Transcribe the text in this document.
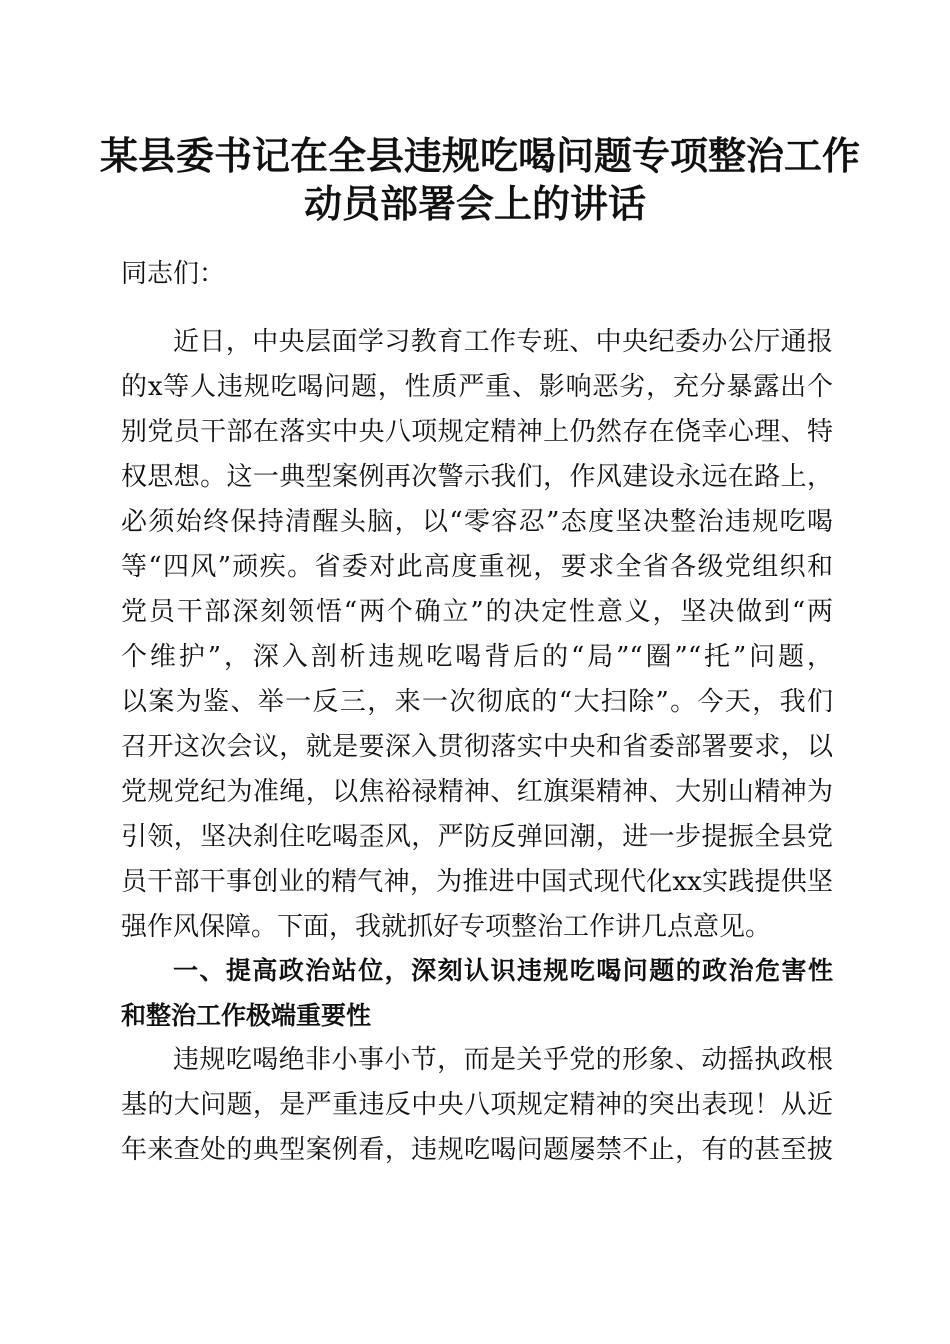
某县委书记在全县违规吃喝问题专项整治工作
动员部署会上的讲话
同志们：
近日，中央层面学习教育工作专班、中央纪委办公厅通报
的x等人违规吃喝问题，性质严重、影响恶劣，充分暴露出个
别党员干部在落实中央八项规定精神上仍然存在侥幸心理、特
权思想。这一典型案例再次警示我们，作风建设永远在路上，
必须始终保持清醒头脑，以“零容忍”态度坚决整治违规吃喝
等“四风”顽疾。省委对此高度重视，要求全省各级党组织和
党员干部深刻领悟“两个确立”的决定性意义，坚决做到“两
个维护”，深入剖析违规吃喝背后的“局”“圈”“托”问题，
以案为鉴、举一反三，来一次彻底的“大扫除”。今天，我们
召开这次会议，就是要深入贯彻落实中央和省委部署要求，以
党规党纪为准绳，以焦裕禄精神、红旗渠精神、大别山精神为
引领，坚决刹住吃喝歪风，严防反弹回潮，进一步提振全县党
员干部干事创业的精气神，为推进中国式现代化xx实践提供坚
强作风保障。下面，我就抓好专项整治工作讲几点意见。
一、提高政治站位，深刻认识违规吃喝问题的政治危害性
和整治工作极端重要性
违规吃喝绝非小事小节，而是关乎党的形象、动摇执政根
基的大问题，是严重违反中央八项规定精神的突出表现！从近
年来查处的典型案例看，违规吃喝问题屡禁不止，有的甚至披
